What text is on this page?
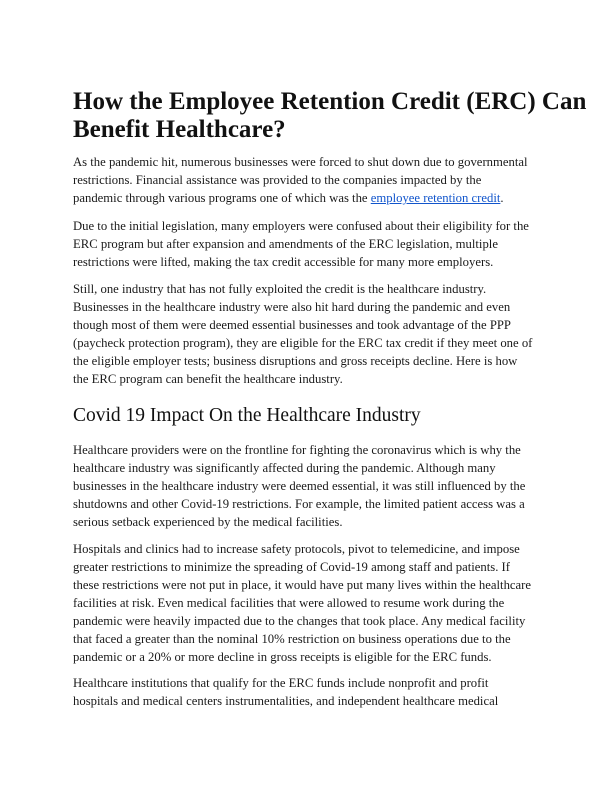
How the Employee Retention Credit (ERC) Can
Benefit Healthcare?

As the pandemic hit, numerous businesses were forced to shut down due to governmental
restrictions. Financial assistance was provided to the companies impacted by the
pandemic through various programs one of which was the employee retention credit.

Due to the initial legislation, many employers were confused about their eligibility for the
ERC program but after expansion and amendments of the ERC legislation, multiple
restrictions were lifted, making the tax credit accessible for many more employers.

Still, one industry that has not fully exploited the credit is the healthcare industry.
Businesses in the healthcare industry were also hit hard during the pandemic and even
though most of them were deemed essential businesses and took advantage of the PPP
(paycheck protection program), they are eligible for the ERC tax credit if they meet one of
the eligible employer tests; business disruptions and gross receipts decline. Here is how
the ERC program can benefit the healthcare industry.

Covid 19 Impact On the Healthcare Industry

Healthcare providers were on the frontline for fighting the coronavirus which is why the
healthcare industry was significantly affected during the pandemic. Although many
businesses in the healthcare industry were deemed essential, it was still influenced by the
shutdowns and other Covid-19 restrictions. For example, the limited patient access was a
serious setback experienced by the medical facilities.

Hospitals and clinics had to increase safety protocols, pivot to telemedicine, and impose
greater restrictions to minimize the spreading of Covid-19 among staff and patients. If
these restrictions were not put in place, it would have put many lives within the healthcare
facilities at risk. Even medical facilities that were allowed to resume work during the
pandemic were heavily impacted due to the changes that took place. Any medical facility
that faced a greater than the nominal 10% restriction on business operations due to the
pandemic or a 20% or more decline in gross receipts is eligible for the ERC funds.

Healthcare institutions that qualify for the ERC funds include nonprofit and profit
hospitals and medical centers instrumentalities, and independent healthcare medical
